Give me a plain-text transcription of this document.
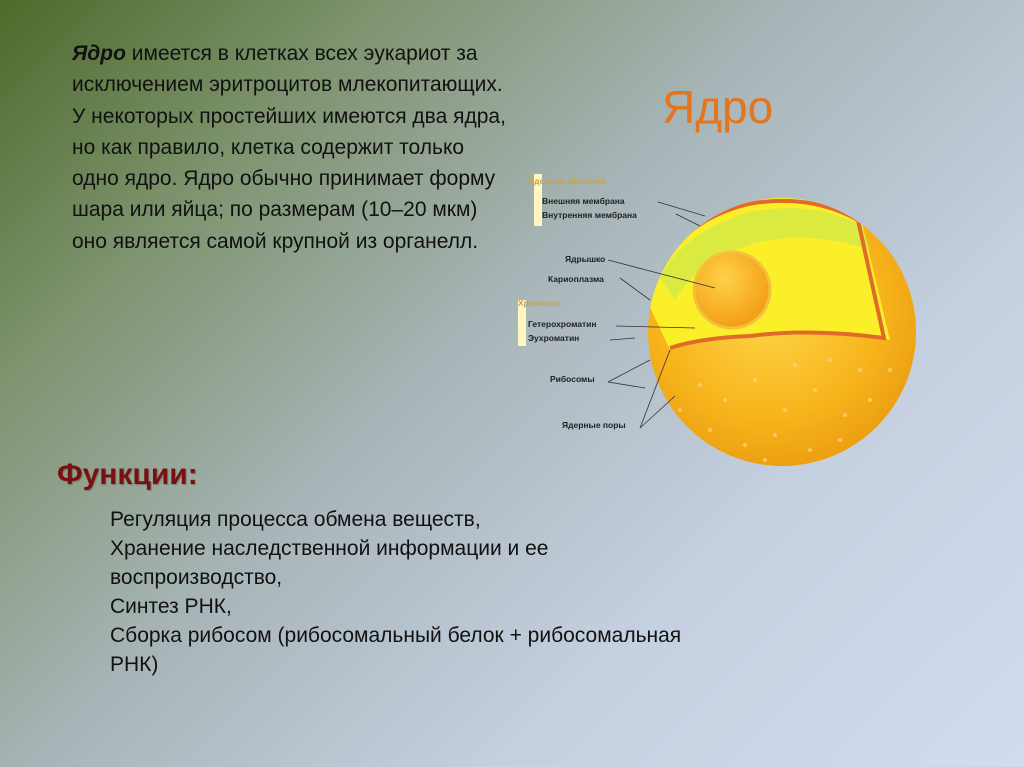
Ядро имеется в клетках всех эукариот за исключением эритроцитов млекопитающих. У некоторых простейших имеются два ядра, но как правило, клетка содержит только одно ядро. Ядро обычно принимает форму шара или яйца; по размерам (10–20 мкм) оно является самой крупной из органелл.

Ядро
Ядерная оболочка
Внешняя мембрана
Внутренняя мембрана
Ядрышко
Кариоплазма
Хроматин
Гетерохроматин
Эухроматин
Рибосомы
Ядерные поры
Функции:
Регуляция процесса обмена веществ,
Хранение наследственной информации и ее воспроизводство,
Синтез РНК,
Сборка рибосом (рибосомальный белок + рибосомальная РНК)
